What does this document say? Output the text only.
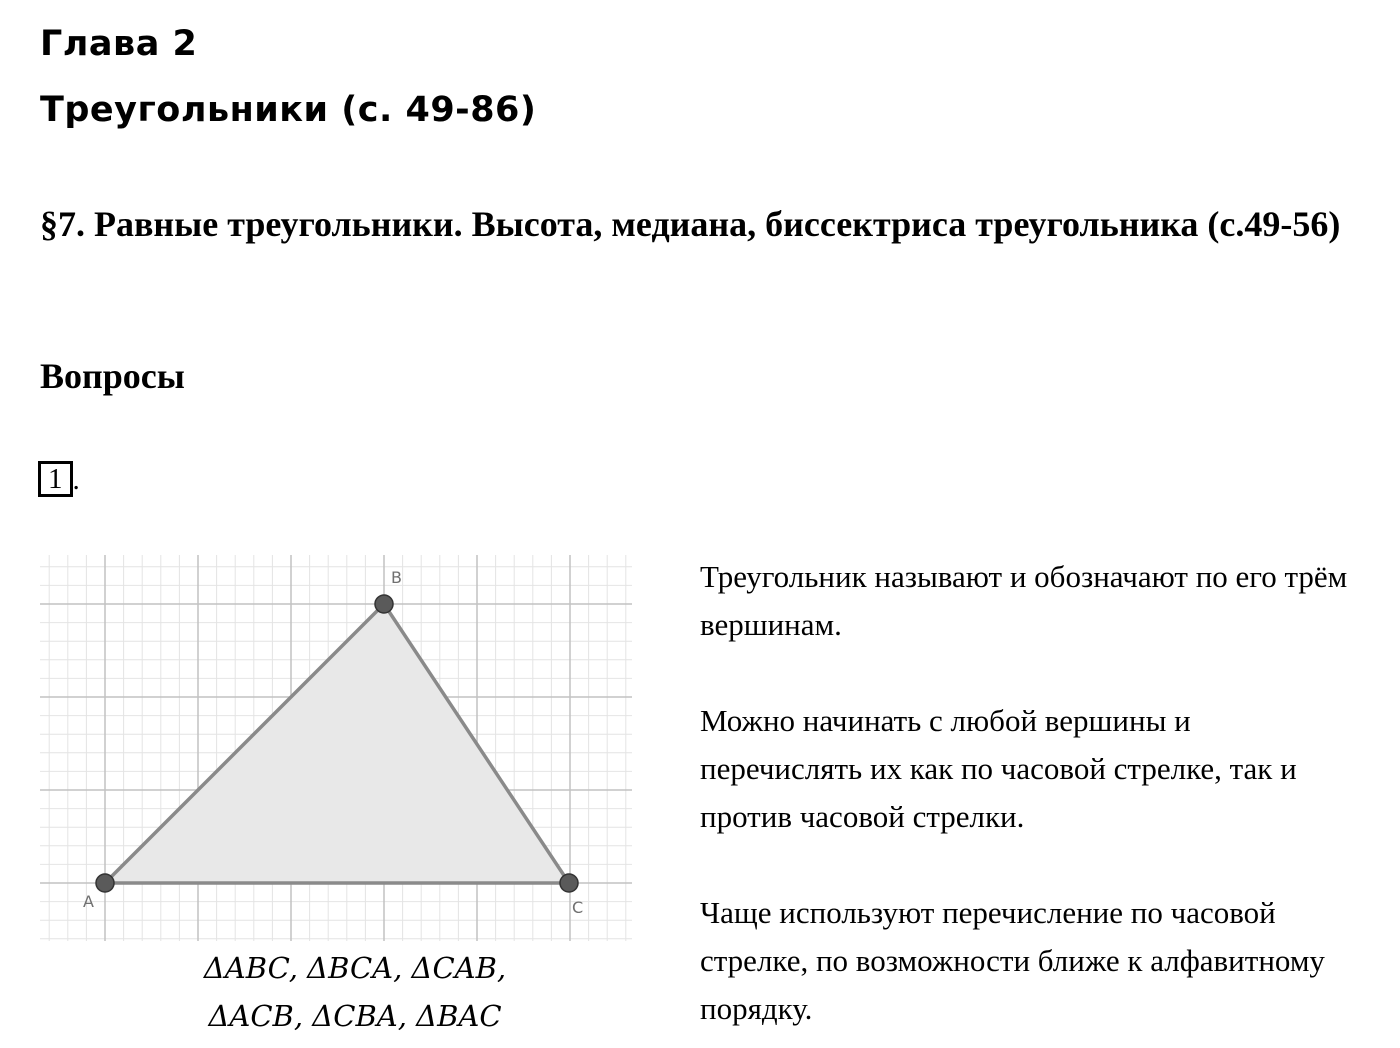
Глава 2
Треугольники (с. 49-86)
§7. Равные треугольники. Высота, медиана, биссектриса треугольника (с.49-56)
Вопросы
1 .
A
B
C
ΔABC, ΔBCA, ΔCAB,
ΔACB, ΔCBA, ΔBAC

Треугольник называют и обозначают по его трём вершинам.

Можно начинать с любой вершины и перечислять их как по часовой стрелке, так и против часовой стрелки.

Чаще используют перечисление по часовой стрелке, по возможности ближе к алфавитному порядку.
